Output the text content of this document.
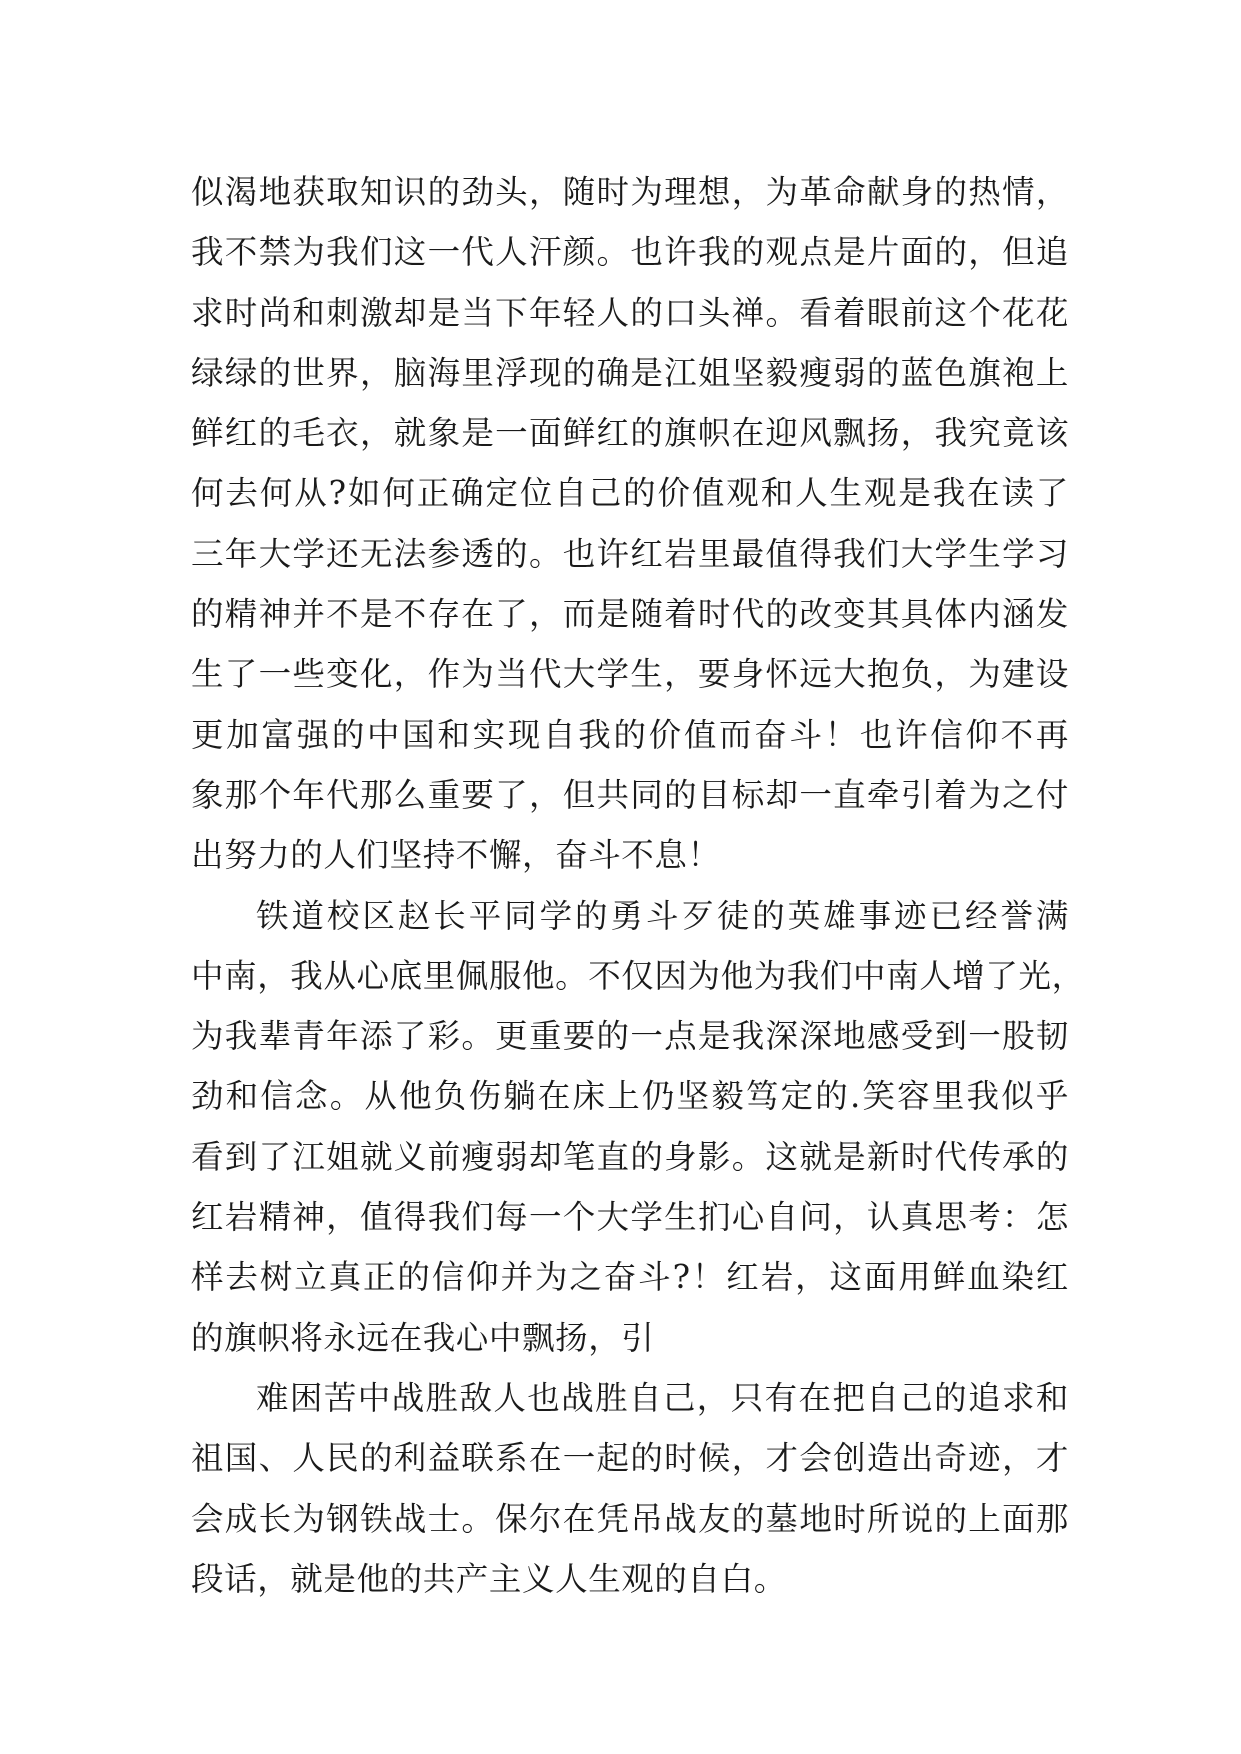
似渴地获取知识的劲头，随时为理想，为革命献身的热情，
我不禁为我们这一代人汗颜。也许我的观点是片面的，但追
求时尚和刺激却是当下年轻人的口头禅。看着眼前这个花花
绿绿的世界，脑海里浮现的确是江姐坚毅瘦弱的蓝色旗袍上
鲜红的毛衣，就象是一面鲜红的旗帜在迎风飘扬，我究竟该
何去何从?如何正确定位自己的价值观和人生观是我在读了
三年大学还无法参透的。也许红岩里最值得我们大学生学习
的精神并不是不存在了，而是随着时代的改变其具体内涵发
生了一些变化，作为当代大学生，要身怀远大抱负，为建设
更加富强的中国和实现自我的价值而奋斗！也许信仰不再
象那个年代那么重要了，但共同的目标却一直牵引着为之付
出努力的人们坚持不懈，奋斗不息！
铁道校区赵长平同学的勇斗歹徒的英雄事迹已经誉满
中南，我从心底里佩服他。不仅因为他为我们中南人增了光，
为我辈青年添了彩。更重要的一点是我深深地感受到一股韧
劲和信念。从他负伤躺在床上仍坚毅笃定的.笑容里我似乎
看到了江姐就义前瘦弱却笔直的身影。这就是新时代传承的
红岩精神，值得我们每一个大学生扪心自问，认真思考：怎
样去树立真正的信仰并为之奋斗?！红岩，这面用鲜血染红
的旗帜将永远在我心中飘扬，引
难困苦中战胜敌人也战胜自己，只有在把自己的追求和
祖国、人民的利益联系在一起的时候，才会创造出奇迹，才
会成长为钢铁战士。保尔在凭吊战友的墓地时所说的上面那
段话，就是他的共产主义人生观的自白。
